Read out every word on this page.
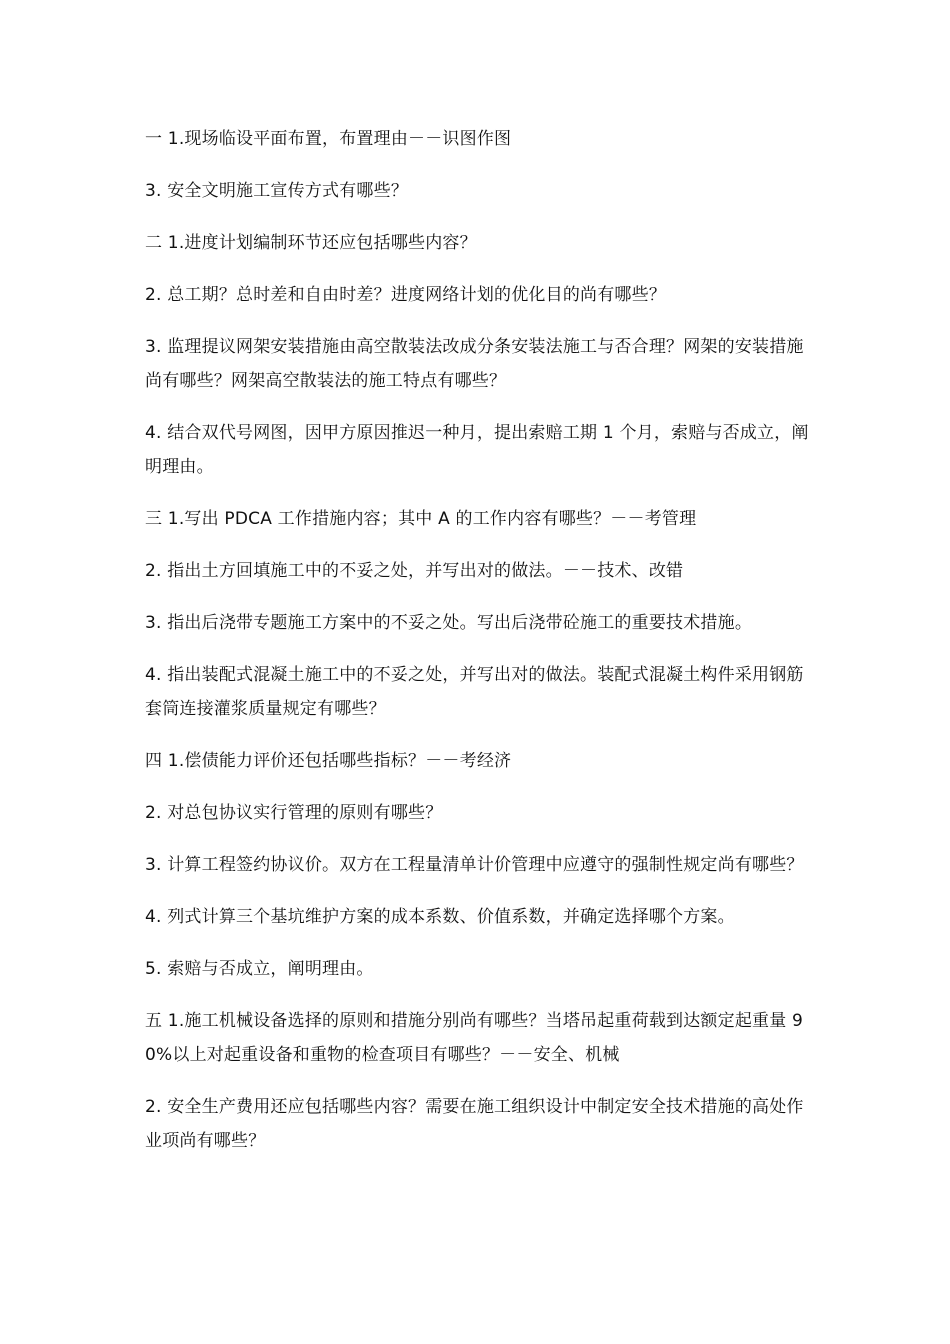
一 1.现场临设平面布置，布置理由－－识图作图

3. 安全文明施工宣传方式有哪些？

二 1.进度计划编制环节还应包括哪些内容？

2. 总工期？总时差和自由时差？进度网络计划的优化目的尚有哪些？

3. 监理提议网架安装措施由高空散装法改成分条安装法施工与否合理？网架的安装措施尚有哪些？网架高空散装法的施工特点有哪些？

4. 结合双代号网图，因甲方原因推迟一种月，提出索赔工期 1 个月，索赔与否成立，阐明理由。

三 1.写出 PDCA 工作措施内容；其中 A 的工作内容有哪些？－－考管理

2. 指出土方回填施工中的不妥之处，并写出对的做法。－－技术、改错

3. 指出后浇带专题施工方案中的不妥之处。写出后浇带砼施工的重要技术措施。

4. 指出装配式混凝土施工中的不妥之处，并写出对的做法。装配式混凝土构件采用钢筋套筒连接灌浆质量规定有哪些？

四 1.偿债能力评价还包括哪些指标？－－考经济

2. 对总包协议实行管理的原则有哪些？

3. 计算工程签约协议价。双方在工程量清单计价管理中应遵守的强制性规定尚有哪些？

4. 列式计算三个基坑维护方案的成本系数、价值系数，并确定选择哪个方案。

5. 索赔与否成立，阐明理由。

五 1.施工机械设备选择的原则和措施分别尚有哪些？当塔吊起重荷载到达额定起重量 90%以上对起重设备和重物的检查项目有哪些？－－安全、机械

2. 安全生产费用还应包括哪些内容？需要在施工组织设计中制定安全技术措施的高处作业项尚有哪些？
